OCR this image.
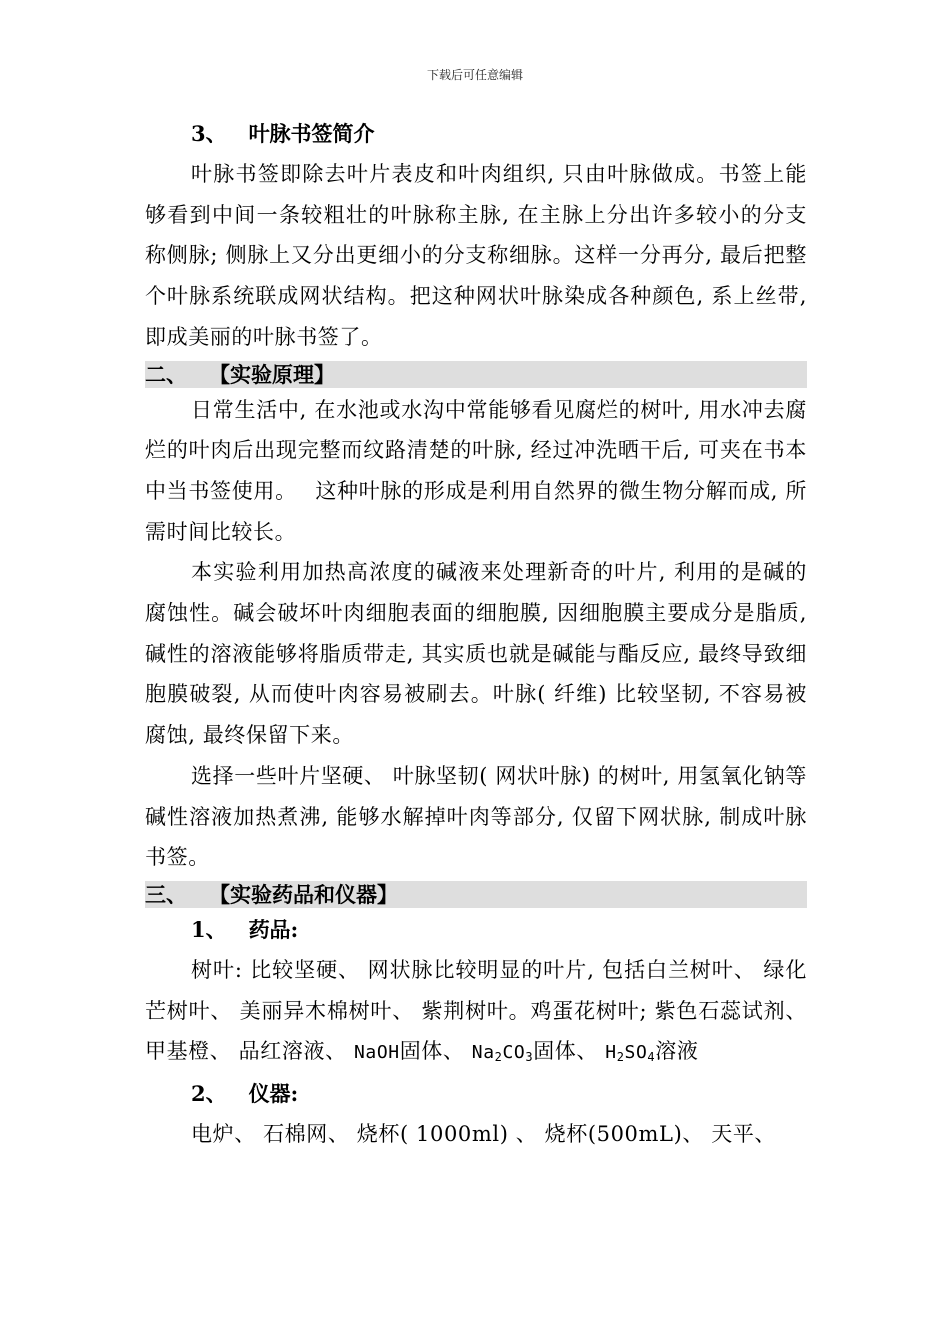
下载后可任意编辑
3、 叶脉书签简介

叶脉书签即除去叶片表皮和叶肉组织, 只由叶脉做成。书签上能够看到中间一条较粗壮的叶脉称主脉, 在主脉上分出许多较小的分支称侧脉; 侧脉上又分出更细小的分支称细脉。这样一分再分, 最后把整个叶脉系统联成网状结构。把这种网状叶脉染成各种颜色, 系上丝带, 即成美丽的叶脉书签了。

二、 【实验原理】

日常生活中, 在水池或水沟中常能够看见腐烂的树叶, 用水冲去腐烂的叶肉后出现完整而纹路清楚的叶脉, 经过冲洗晒干后, 可夹在书本中当书签使用。　 这种叶脉的形成是利用自然界的微生物分解而成, 所需时间比较长。

本实验利用加热高浓度的碱液来处理新奇的叶片, 利用的是碱的腐蚀性。碱会破坏叶肉细胞表面的细胞膜, 因细胞膜主要成分是脂质, 碱性的溶液能够将脂质带走, 其实质也就是碱能与酯反应, 最终导致细胞膜破裂, 从而使叶肉容易被刷去。叶脉( 纤维) 比较坚韧, 不容易被腐蚀, 最终保留下来。

选择一些叶片坚硬、 叶脉坚韧( 网状叶脉) 的树叶, 用氢氧化钠等碱性溶液加热煮沸, 能够水解掉叶肉等部分, 仅留下网状脉, 制成叶脉书签。

三、 【实验药品和仪器】
1、 药品:

树叶: 比较坚硬、 网状脉比较明显的叶片, 包括白兰树叶、 绿化芒树叶、 美丽异木棉树叶、 紫荆树叶。鸡蛋花树叶; 紫色石蕊试剂、 甲基橙、 品红溶液、 NaOH固体、 $Na_2CO_3$固体、 $H_2SO_4$溶液

2、 仪器:

电炉、 石棉网、 烧杯( 1000ml) 、 烧杯(500mL)、 天平、
